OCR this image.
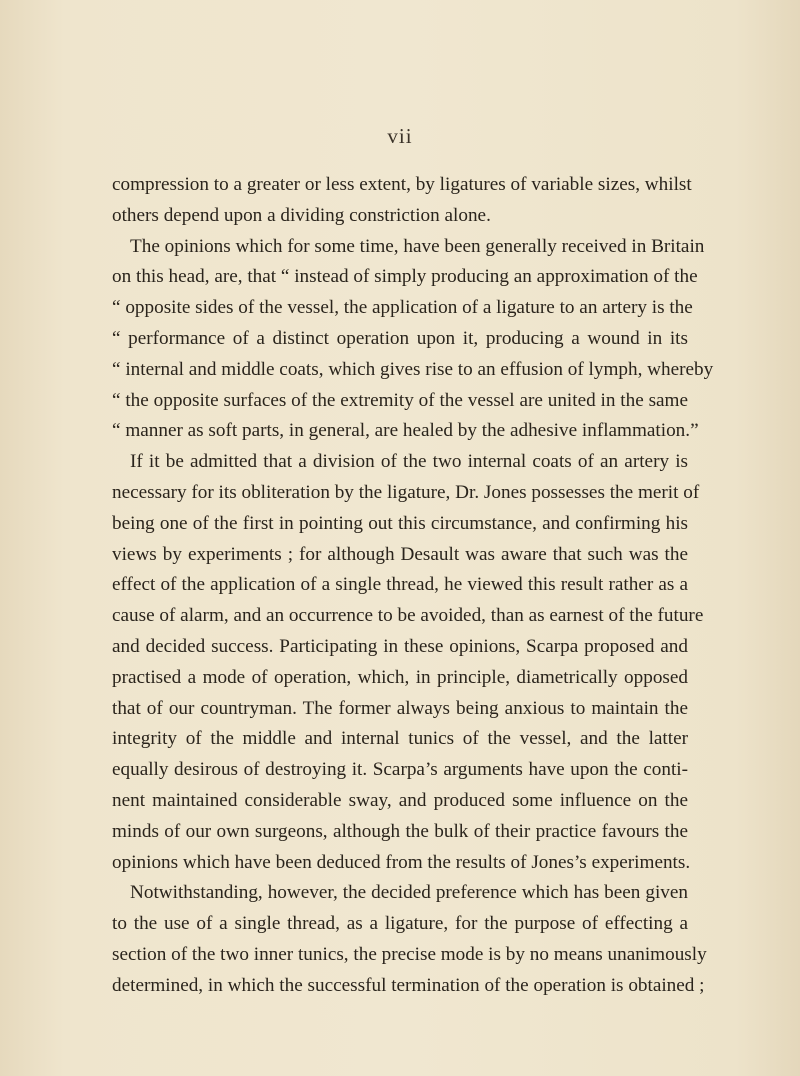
vii
compression to a greater or less extent, by ligatures of variable sizes, whilst
others depend upon a dividing constriction alone.
The opinions which for some time, have been generally received in Britain
on this head, are, that “ instead of simply producing an approximation of the
“ opposite sides of the vessel, the application of a ligature to an artery is the
“ performance of a distinct operation upon it, producing a wound in its
“ internal and middle coats, which gives rise to an effusion of lymph, whereby
“ the opposite surfaces of the extremity of the vessel are united in the same
“ manner as soft parts, in general, are healed by the adhesive inflammation.”
If it be admitted that a division of the two internal coats of an artery is
necessary for its obliteration by the ligature, Dr. Jones possesses the merit of
being one of the first in pointing out this circumstance, and confirming his
views by experiments ; for although Desault was aware that such was the
effect of the application of a single thread, he viewed this result rather as a
cause of alarm, and an occurrence to be avoided, than as earnest of the future
and decided success. Participating in these opinions, Scarpa proposed and
practised a mode of operation, which, in principle, diametrically opposed
that of our countryman. The former always being anxious to maintain the
integrity of the middle and internal tunics of the vessel, and the latter
equally desirous of destroying it. Scarpa’s arguments have upon the conti-
nent maintained considerable sway, and produced some influence on the
minds of our own surgeons, although the bulk of their practice favours the
opinions which have been deduced from the results of Jones’s experiments.
Notwithstanding, however, the decided preference which has been given
to the use of a single thread, as a ligature, for the purpose of effecting a
section of the two inner tunics, the precise mode is by no means unanimously
determined, in which the successful termination of the operation is obtained ;
